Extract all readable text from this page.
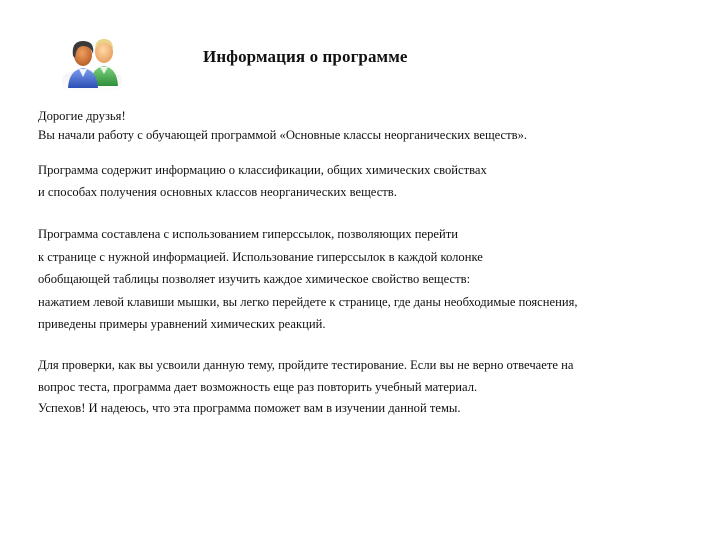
Информация о программе
Дорогие друзья!
Вы начали работу с обучающей программой «Основные классы неорганических веществ».
Программа содержит информацию о классификации, общих химических свойствах
и способах получения основных классов неорганических веществ.
Программа составлена с использованием гиперссылок, позволяющих перейти
к странице с нужной информацией. Использование гиперссылок в каждой колонке
обобщающей таблицы позволяет изучить каждое химическое свойство веществ:
нажатием левой клавиши мышки, вы легко перейдете к странице, где даны необходимые пояснения,
приведены примеры уравнений химических реакций.
Для проверки, как вы усвоили данную тему, пройдите тестирование. Если вы не верно отвечаете на
вопрос теста, программа дает возможность еще раз повторить учебный материал.
Успехов! И надеюсь, что эта программа поможет вам в изучении данной темы.
